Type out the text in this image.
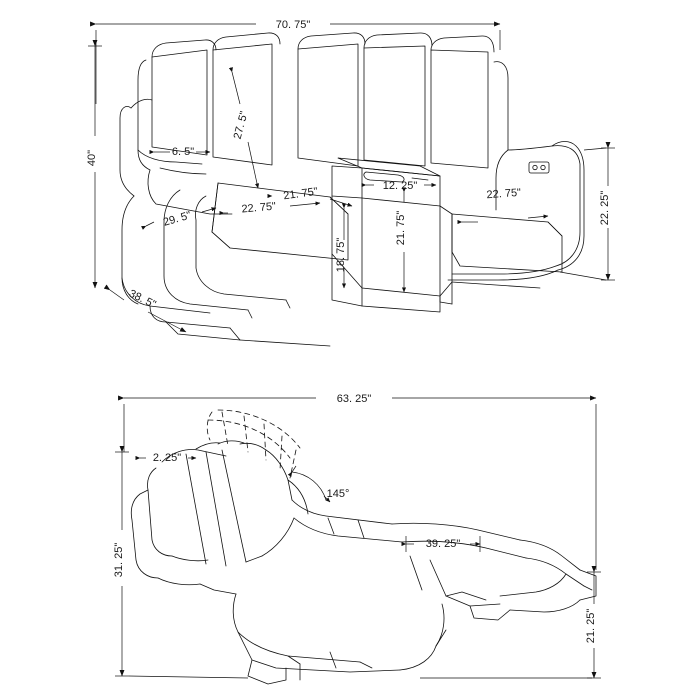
70. 75"
40"
27. 5"
6. 5"
22. 75"
21. 75"
29. 5"
18. 75"
12. 25"
21. 75"
22. 75"
38. 5"
22. 25"
63. 25"
2. 25"
145°
39. 25"
31. 25"
21. 25"
